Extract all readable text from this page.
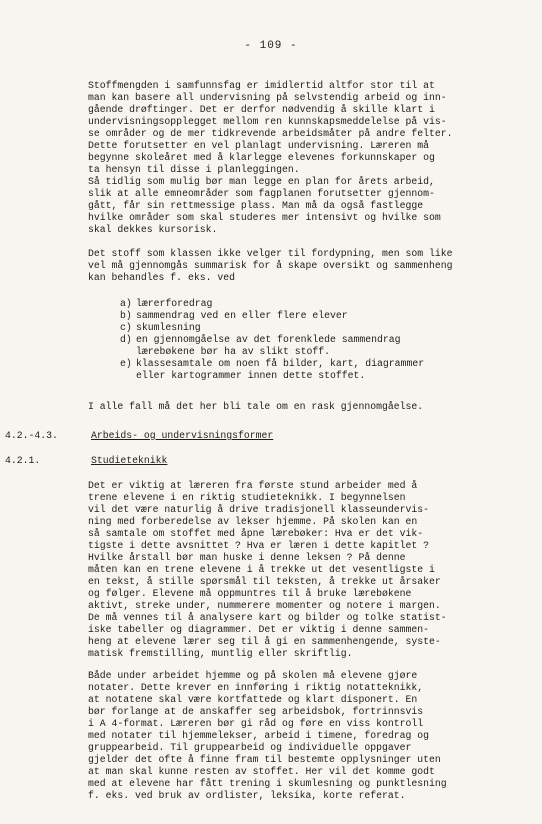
- 109 -

Stoffmengden i samfunnsfag er imidlertid altfor stor til at

man kan basere all undervisning på selvstendig arbeid og inn-

gående drøftinger. Det er derfor nødvendig å skille klart i

undervisningsopplegget mellom ren kunnskapsmeddelelse på vis-

se områder og de mer tidkrevende arbeidsmåter på andre felter.

Dette forutsetter en vel planlagt undervisning. Læreren må

begynne skoleåret med å klarlegge elevenes forkunnskaper og

ta hensyn til disse i planleggingen.

Så tidlig som mulig bør man legge en plan for årets arbeid,

slik at alle emneområder som fagplanen forutsetter gjennom-

gått, får sin rettmessige plass. Man må da også fastlegge

hvilke områder som skal studeres mer intensivt og hvilke som

skal dekkes kursorisk.

Det stoff som klassen ikke velger til fordypning, men som like

vel må gjennomgås summarisk for å skape oversikt og sammenheng

kan behandles f. eks. ved

a) lærerforedrag
b) sammendrag ved en eller flere elever
c) skumlesning
d) en gjennomgåelse av det forenklede sammendrag
lærebøkene bør ha av slikt stoff.
e) klassesamtale om noen få bilder, kart, diagrammer
eller kartogrammer innen dette stoffet.

I alle fall må det her bli tale om en rask gjennomgåelse.

4.2.-4.3.	Arbeids- og undervisningsformer
4.2.1.	Studieteknikk

Det er viktig at læreren fra første stund arbeider med å

trene elevene i en riktig studieteknikk. I begynnelsen

vil det være naturlig å drive tradisjonell klasseundervis-

ning med forberedelse av lekser hjemme. På skolen kan en

så samtale om stoffet med åpne lærebøker: Hva er det vik-

tigste i dette avsnittet ? Hva er læren i dette kapitlet ?

Hvilke årstall bør man huske i denne leksen ? På denne

måten kan en trene elevene i å trekke ut det vesentligste i

en tekst, å stille spørsmål til teksten, å trekke ut årsaker

og følger. Elevene må oppmuntres til å bruke lærebøkene

aktivt, streke under, nummerere momenter og notere i margen.

De må vennes til å analysere kart og bilder og tolke statist-

iske tabeller og diagrammer. Det er viktig i denne sammen-

heng at elevene lærer seg til å gi en sammenhengende, syste-

matisk fremstilling, muntlig eller skriftlig.

Både under arbeidet hjemme og på skolen må elevene gjøre

notater. Dette krever en innføring i riktig notatteknikk,

at notatene skal være kortfattede og klart disponert. En

bør forlange at de anskaffer seg arbeidsbok, fortrinnsvis

i A 4-format. Læreren bør gi råd og føre en viss kontroll

med notater til hjemmelekser, arbeid i timene, foredrag og

gruppearbeid. Til gruppearbeid og individuelle oppgaver

gjelder det ofte å finne fram til bestemte opplysninger uten

at man skal kunne resten av stoffet. Her vil det komme godt

med at elevene har fått trening i skumlesning og punktlesning

f. eks. ved bruk av ordlister, leksika, korte referat.
